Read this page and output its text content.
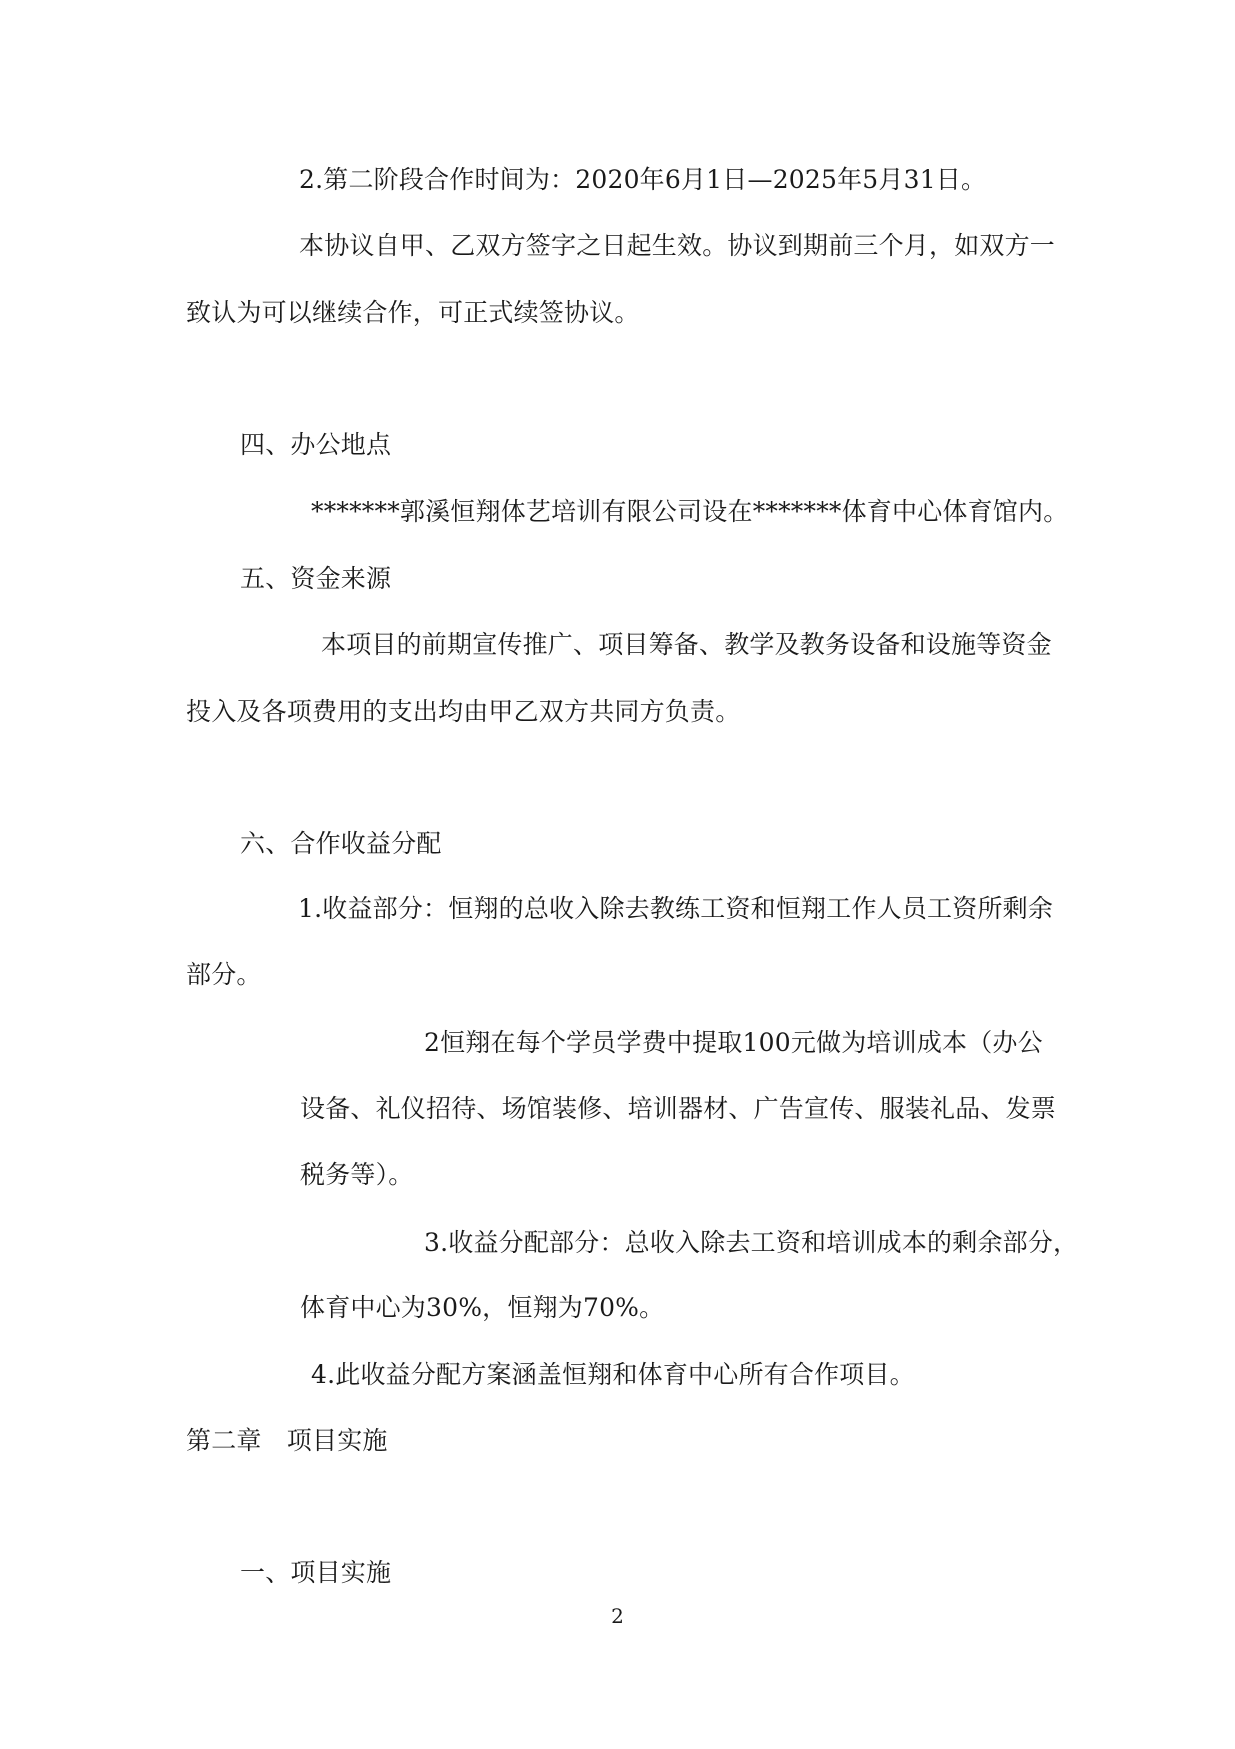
2.第二阶段合作时间为：2020年6月1日—2025年5月31日。
本协议自甲、乙双方签字之日起生效。协议到期前三个月，如双方一
致认为可以继续合作，可正式续签协议。
四、办公地点
*******郭溪恒翔体艺培训有限公司设在*******体育中心体育馆内。
五、资金来源
本项目的前期宣传推广、项目筹备、教学及教务设备和设施等资金
投入及各项费用的支出均由甲乙双方共同方负责。
六、合作收益分配
1.收益部分：恒翔的总收入除去教练工资和恒翔工作人员工资所剩余
部分。
2恒翔在每个学员学费中提取100元做为培训成本（办公
设备、礼仪招待、场馆装修、培训器材、广告宣传、服装礼品、发票
税务等）。
3.收益分配部分：总收入除去工资和培训成本的剩余部分，
体育中心为30%，恒翔为70%。
4.此收益分配方案涵盖恒翔和体育中心所有合作项目。
第二章　项目实施
一、项目实施
2
